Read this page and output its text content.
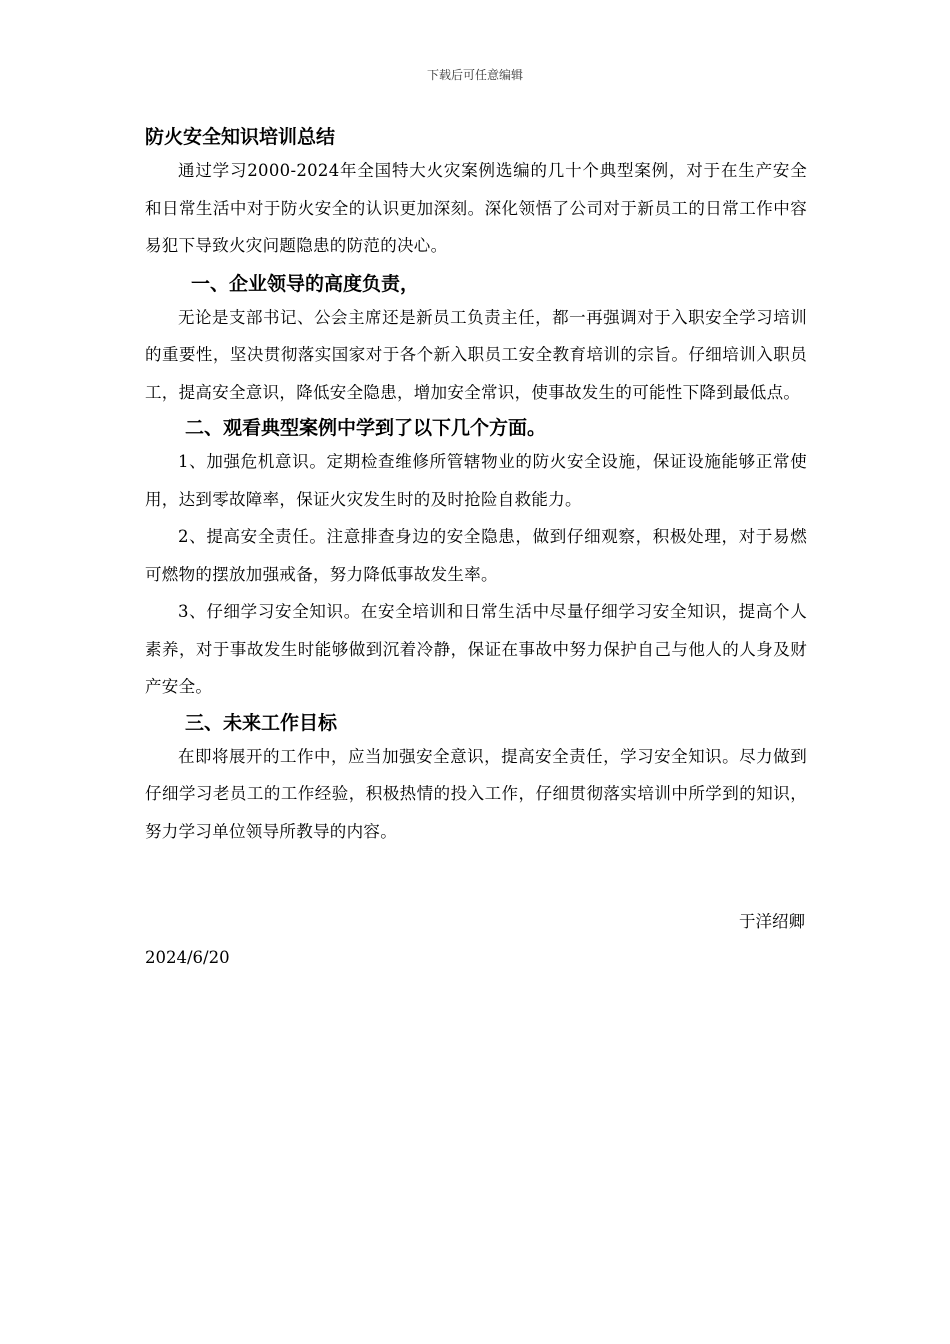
下载后可任意编辑
防火安全知识培训总结

通过学习2000-2024年全国特大火灾案例选编的几十个典型案例，对于在生产安全和日常生活中对于防火安全的认识更加深刻。深化领悟了公司对于新员工的日常工作中容易犯下导致火灾问题隐患的防范的决心。

一、企业领导的高度负责，

无论是支部书记、公会主席还是新员工负责主任，都一再强调对于入职安全学习培训的重要性，坚决贯彻落实国家对于各个新入职员工安全教育培训的宗旨。仔细培训入职员工，提高安全意识，降低安全隐患，增加安全常识，使事故发生的可能性下降到最低点。

二、观看典型案例中学到了以下几个方面。

1、加强危机意识。定期检查维修所管辖物业的防火安全设施，保证设施能够正常使用，达到零故障率，保证火灾发生时的及时抢险自救能力。

2、提高安全责任。注意排查身边的安全隐患，做到仔细观察，积极处理，对于易燃可燃物的摆放加强戒备，努力降低事故发生率。

3、仔细学习安全知识。在安全培训和日常生活中尽量仔细学习安全知识，提高个人素养，对于事故发生时能够做到沉着冷静，保证在事故中努力保护自己与他人的人身及财产安全。

三、未来工作目标

在即将展开的工作中，应当加强安全意识，提高安全责任，学习安全知识。尽力做到仔细学习老员工的工作经验，积极热情的投入工作，仔细贯彻落实培训中所学到的知识，努力学习单位领导所教导的内容。

于洋绍卿
2024/6/20
